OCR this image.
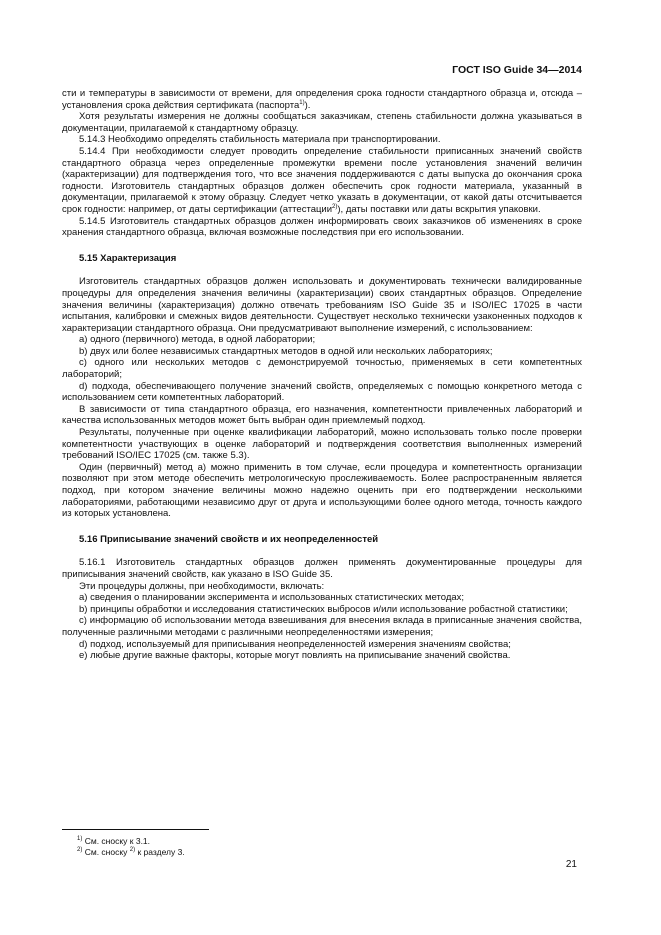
ГОСТ ISO Guide 34—2014

сти и температуры в зависимости от времени, для определения срока годности стандартного образца и, отсюда – установления срока действия сертификата (паспорта$^{1)}$).

Хотя результаты измерения не должны сообщаться заказчикам, степень стабильности должна указываться в документации, прилагаемой к стандартному образцу.

5.14.3 Необходимо определять стабильность материала при транспортировании.

5.14.4 При необходимости следует проводить определение стабильности приписанных значений свойств стандартного образца через определенные промежутки времени после установления значений величин (характеризации) для подтверждения того, что все значения поддерживаются с даты выпуска до окончания срока годности. Изготовитель стандартных образцов должен обеспечить срок годности материала, указанный в документации, прилагаемой к этому образцу. Следует четко указать в документации, от какой даты отсчитывается срок годности: например, от даты сертификации (аттестации$^{2)}$), даты поставки или даты вскрытия упаковки.

5.14.5 Изготовитель стандартных образцов должен информировать своих заказчиков об изменениях в сроке хранения стандартного образца, включая возможные последствия при его использовании.

5.15 Характеризация

Изготовитель стандартных образцов должен использовать и документировать технически валидированные процедуры для определения значения величины (характеризации) своих стандартных образцов. Определение значения величины (характеризация) должно отвечать требованиям ISO Guide 35 и ISO/IEC 17025 в части испытания, калибровки и смежных видов деятельности. Существует несколько технически узаконенных подходов к характеризации стандартного образца. Они предусматривают выполнение измерений, с использованием:

a) одного (первичного) метода, в одной лаборатории;

b) двух или более независимых стандартных методов в одной или нескольких лабораториях;

c) одного или нескольких методов с демонстрируемой точностью, применяемых в сети компетентных лабораторий;

d) подхода, обеспечивающего получение значений свойств, определяемых с помощью конкретного метода с использованием сети компетентных лабораторий.

В зависимости от типа стандартного образца, его назначения, компетентности привлеченных лабораторий и качества использованных методов может быть выбран один приемлемый подход.

Результаты, полученные при оценке квалификации лабораторий, можно использовать только после проверки компетентности участвующих в оценке лабораторий и подтверждения соответствия выполненных измерений требований ISO/IEC 17025 (см. также 5.3).

Один (первичный) метод а) можно применить в том случае, если процедура и компетентность организации позволяют при этом методе обеспечить метрологическую прослеживаемость. Более распространенным является подход, при котором значение величины можно надежно оценить при его подтверждении несколькими лабораториями, работающими независимо друг от друга и использующими более одного метода, точность каждого из которых установлена.

5.16 Приписывание значений свойств и их неопределенностей

5.16.1 Изготовитель стандартных образцов должен применять документированные процедуры для приписывания значений свойств, как указано в ISO Guide 35.

Эти процедуры должны, при необходимости, включать:

a) сведения о планировании эксперимента и использованных статистических методах;

b) принципы обработки и исследования статистических выбросов и/или использование робастной статистики;

c) информацию об использовании метода взвешивания для внесения вклада в приписанные значения свойства, полученные различными методами с различными неопределенностями измерения;

d) подход, используемый для приписывания неопределенностей измерения значениям свойства;

e) любые другие важные факторы, которые могут повлиять на приписывание значений свойства.

$^{1)}$ См. сноску к 3.1.

$^{2)}$ См. сноску $^{2)}$ к разделу 3.

21
